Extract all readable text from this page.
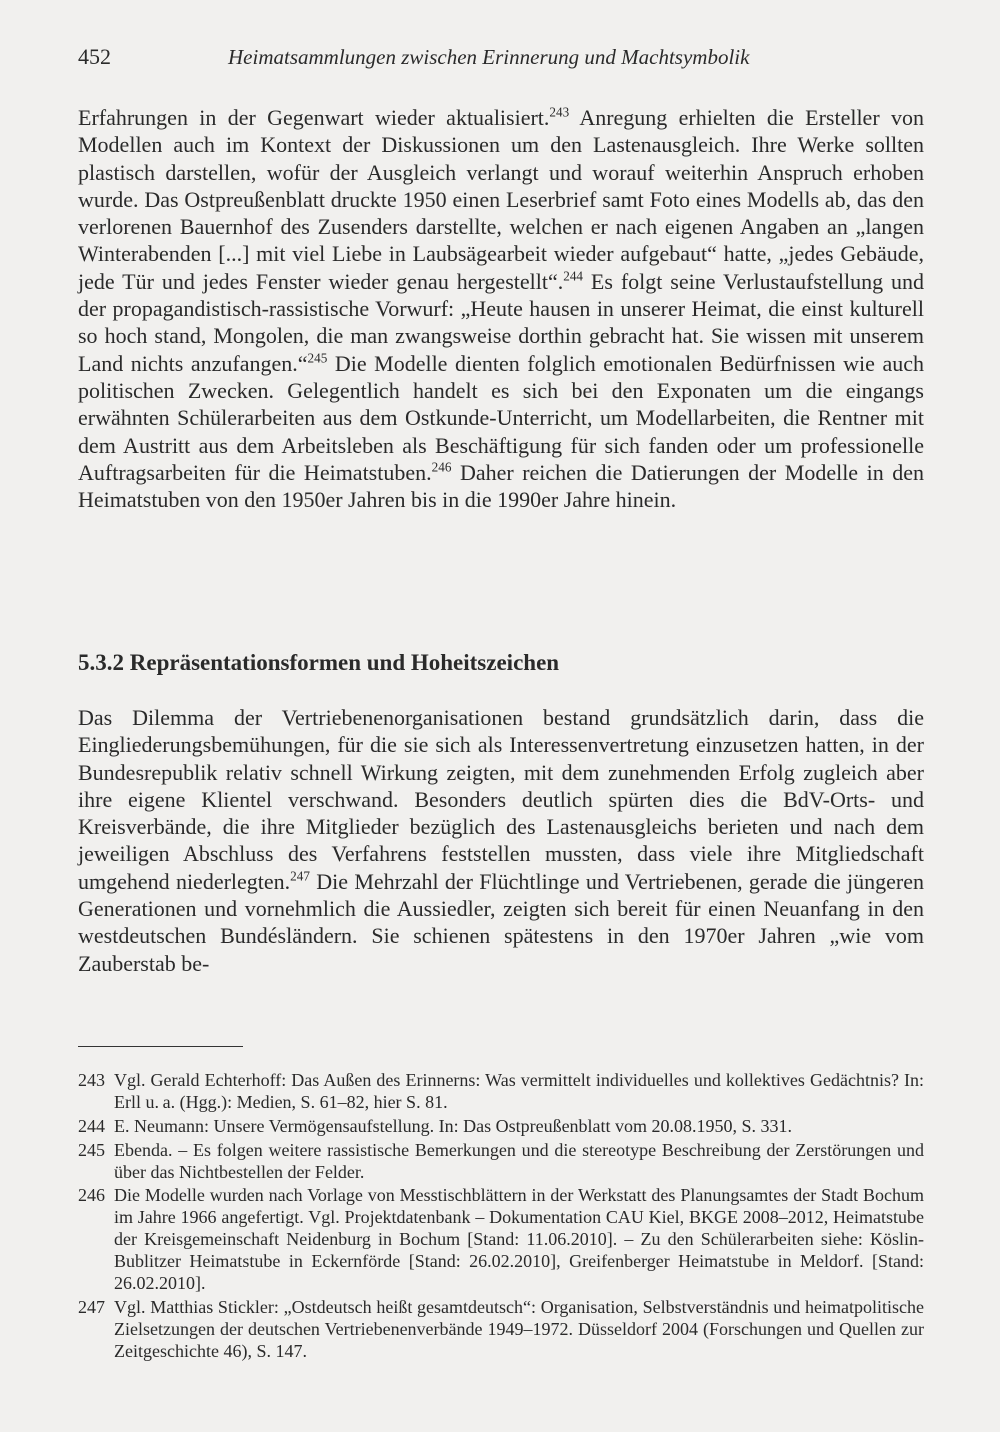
452	Heimatsammlungen zwischen Erinnerung und Machtsymbolik

Erfahrungen in der Gegenwart wieder aktualisiert.$^{243}$ Anregung erhielten die Ersteller von Modellen auch im Kontext der Diskussionen um den Lastenausgleich. Ihre Werke sollten plastisch darstellen, wofür der Ausgleich verlangt und worauf weiterhin Anspruch erhoben wurde. Das Ostpreußenblatt druckte 1950 einen Leserbrief samt Foto eines Modells ab, das den verlorenen Bauernhof des Zusenders darstellte, welchen er nach eigenen Angaben an „langen Winterabenden [...] mit viel Liebe in Laubsägearbeit wieder aufgebaut“ hatte, „jedes Gebäude, jede Tür und jedes Fenster wieder genau hergestellt“.$^{244}$ Es folgt seine Verlustaufstellung und der propagandistisch-rassistische Vorwurf: „Heute hausen in unserer Heimat, die einst kulturell so hoch stand, Mongolen, die man zwangsweise dorthin gebracht hat. Sie wissen mit unserem Land nichts anzufangen.“$^{245}$ Die Modelle dienten folglich emotionalen Bedürfnissen wie auch politischen Zwecken. Gelegentlich handelt es sich bei den Exponaten um die eingangs erwähnten Schülerarbeiten aus dem Ostkunde-Unterricht, um Modellarbeiten, die Rentner mit dem Austritt aus dem Arbeitsleben als Beschäftigung für sich fanden oder um professionelle Auftragsarbeiten für die Heimatstuben.$^{246}$ Daher reichen die Datierungen der Modelle in den Heimatstuben von den 1950er Jahren bis in die 1990er Jahre hinein.

5.3.2 Repräsentationsformen und Hoheitszeichen

Das Dilemma der Vertriebenenorganisationen bestand grundsätzlich darin, dass die Eingliederungsbemühungen, für die sie sich als Interessenvertretung einzusetzen hatten, in der Bundesrepublik relativ schnell Wirkung zeigten, mit dem zunehmenden Erfolg zugleich aber ihre eigene Klientel verschwand. Besonders deutlich spürten dies die BdV-Orts- und Kreisverbände, die ihre Mitglieder bezüglich des Lastenausgleichs berieten und nach dem jeweiligen Abschluss des Verfahrens feststellen mussten, dass viele ihre Mitgliedschaft umgehend niederlegten.$^{247}$ Die Mehrzahl der Flüchtlinge und Vertriebenen, gerade die jüngeren Generationen und vornehmlich die Aussiedler, zeigten sich bereit für einen Neuanfang in den westdeutschen Bundésländern. Sie schienen spätestens in den 1970er Jahren „wie vom Zauberstab be-

243 Vgl. Gerald Echterhoff: Das Außen des Erinnerns: Was vermittelt individuelles und kollektives Gedächtnis? In: Erll u. a. (Hgg.): Medien, S. 61–82, hier S. 81.
244 E. Neumann: Unsere Vermögensaufstellung. In: Das Ostpreußenblatt vom 20.08.1950, S. 331.
245 Ebenda. – Es folgen weitere rassistische Bemerkungen und die stereotype Beschreibung der Zerstörungen und über das Nichtbestellen der Felder.
246 Die Modelle wurden nach Vorlage von Messtischblättern in der Werkstatt des Planungsamtes der Stadt Bochum im Jahre 1966 angefertigt. Vgl. Projektdatenbank – Dokumentation CAU Kiel, BKGE 2008–2012, Heimatstube der Kreisgemeinschaft Neidenburg in Bochum [Stand: 11.06.2010]. – Zu den Schülerarbeiten siehe: Köslin-Bublitzer Heimatstube in Eckernförde [Stand: 26.02.2010], Greifenberger Heimatstube in Meldorf. [Stand: 26.02.2010].
247 Vgl. Matthias Stickler: „Ostdeutsch heißt gesamtdeutsch“: Organisation, Selbstverständnis und heimatpolitische Zielsetzungen der deutschen Vertriebenenverbände 1949–1972. Düsseldorf 2004 (Forschungen und Quellen zur Zeitgeschichte 46), S. 147.
